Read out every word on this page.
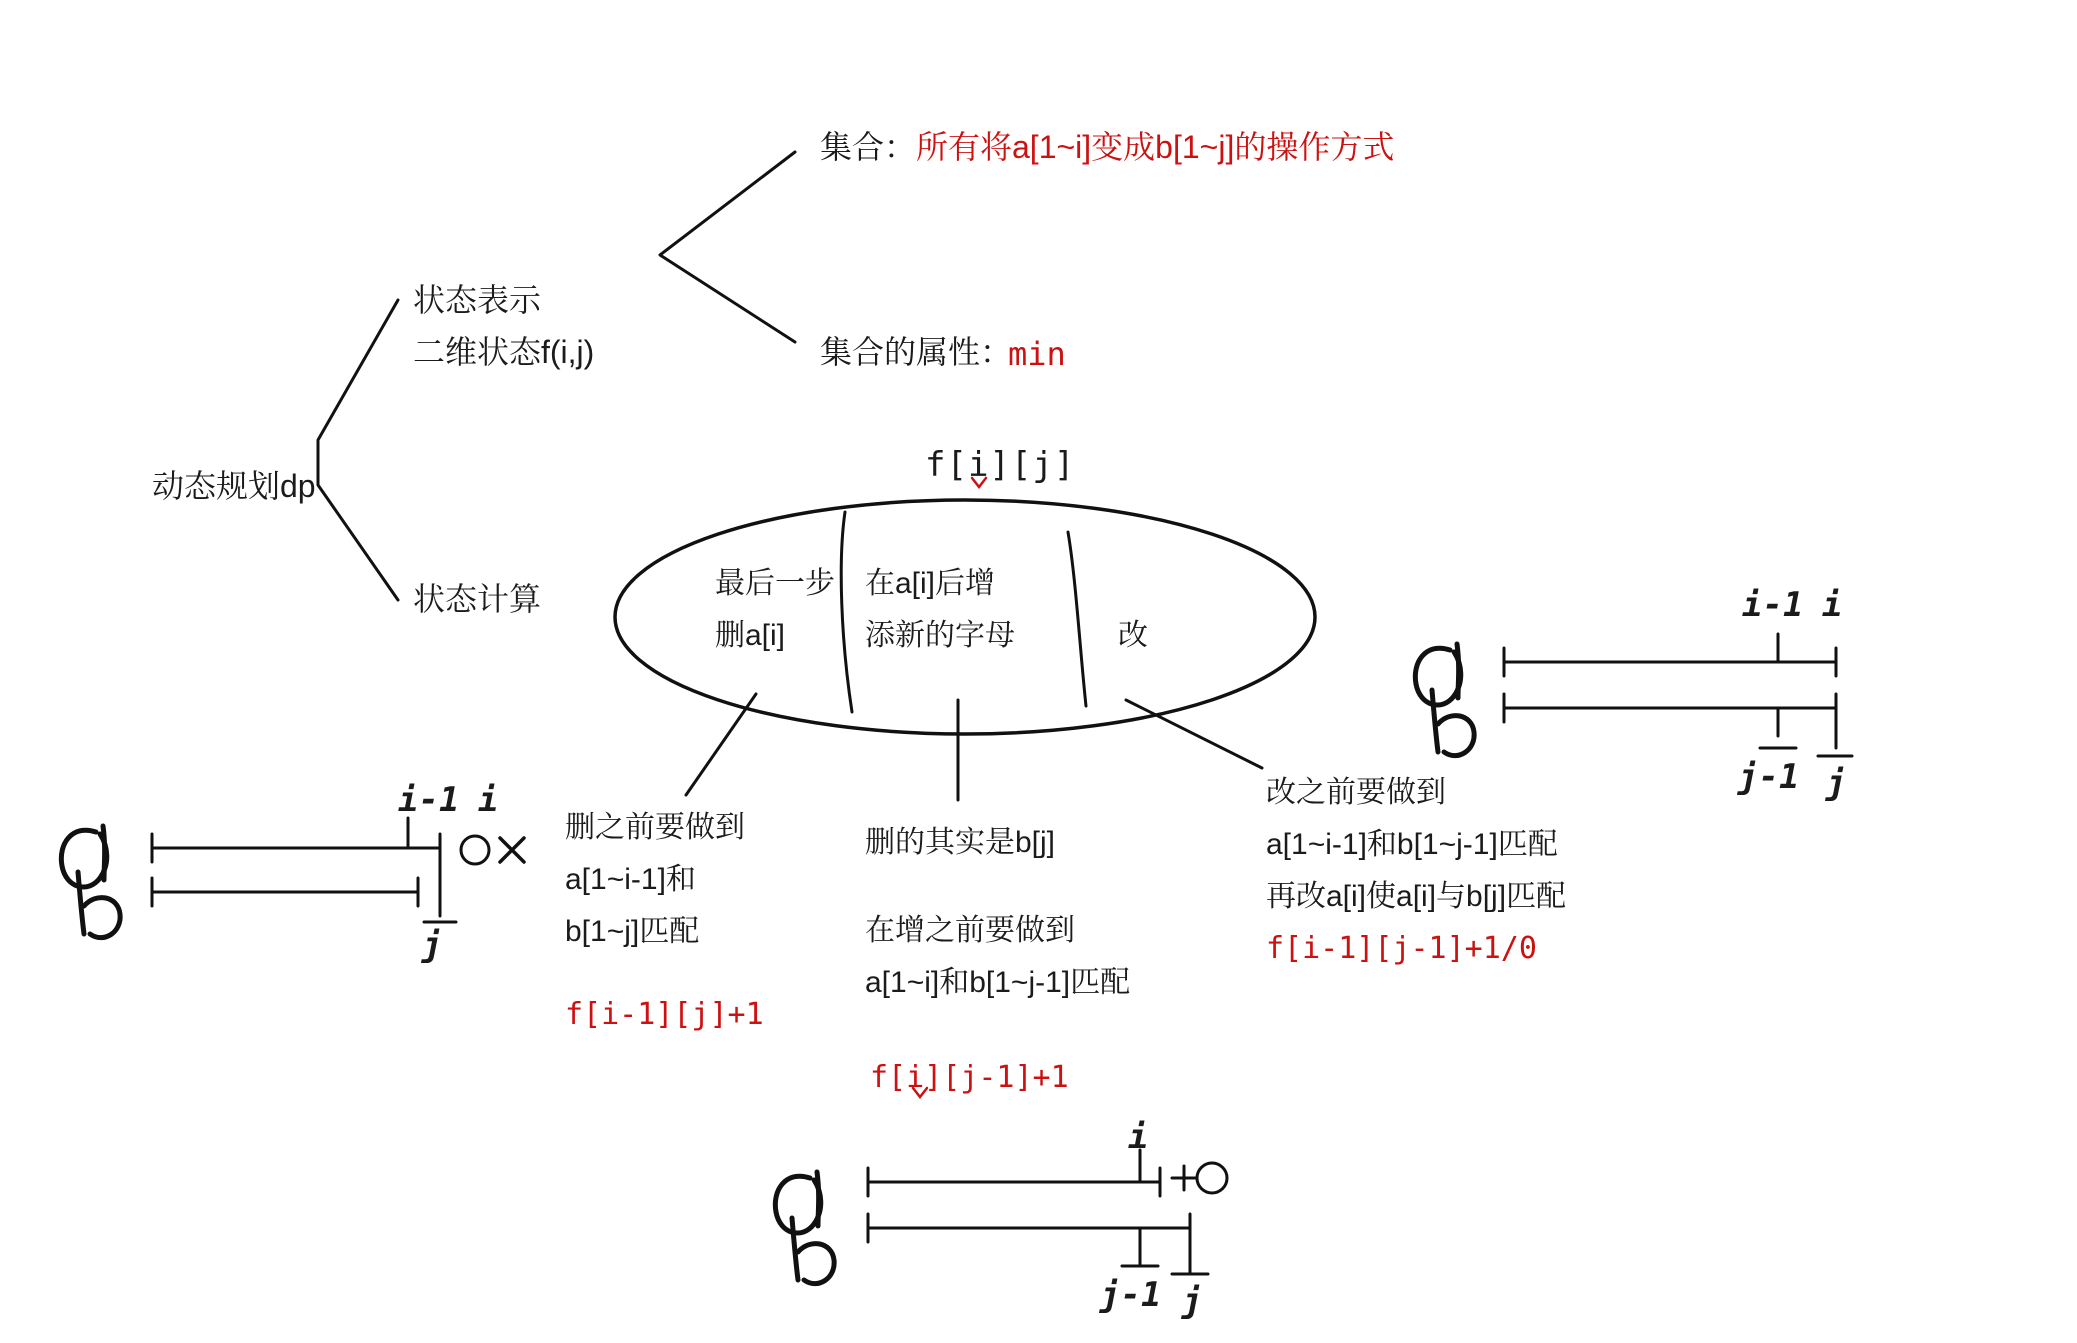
动态规划dp
状态表示
二维状态f(i,j)
状态计算
集合： 所有将a[1~i]变成b[1~j]的操作方式
集合的属性：
min
f[i][j]
最后一步
删a[i]
在a[i]后增
添新的字母	改
删之前要做到
a[1~i-1]和
b[1~j]匹配
f[i-1][j]+1
删的其实是b[j]
在增之前要做到
a[1~i]和b[1~j-1]匹配
f[i][j-1]+1
改之前要做到
a[1~i-1]和b[1~j-1]匹配
再改a[i]使a[i]与b[j]匹配
f[i-1][j-1]+1/0
i-1 i
j
i-1 i
j-1 j
i
j-1 j
